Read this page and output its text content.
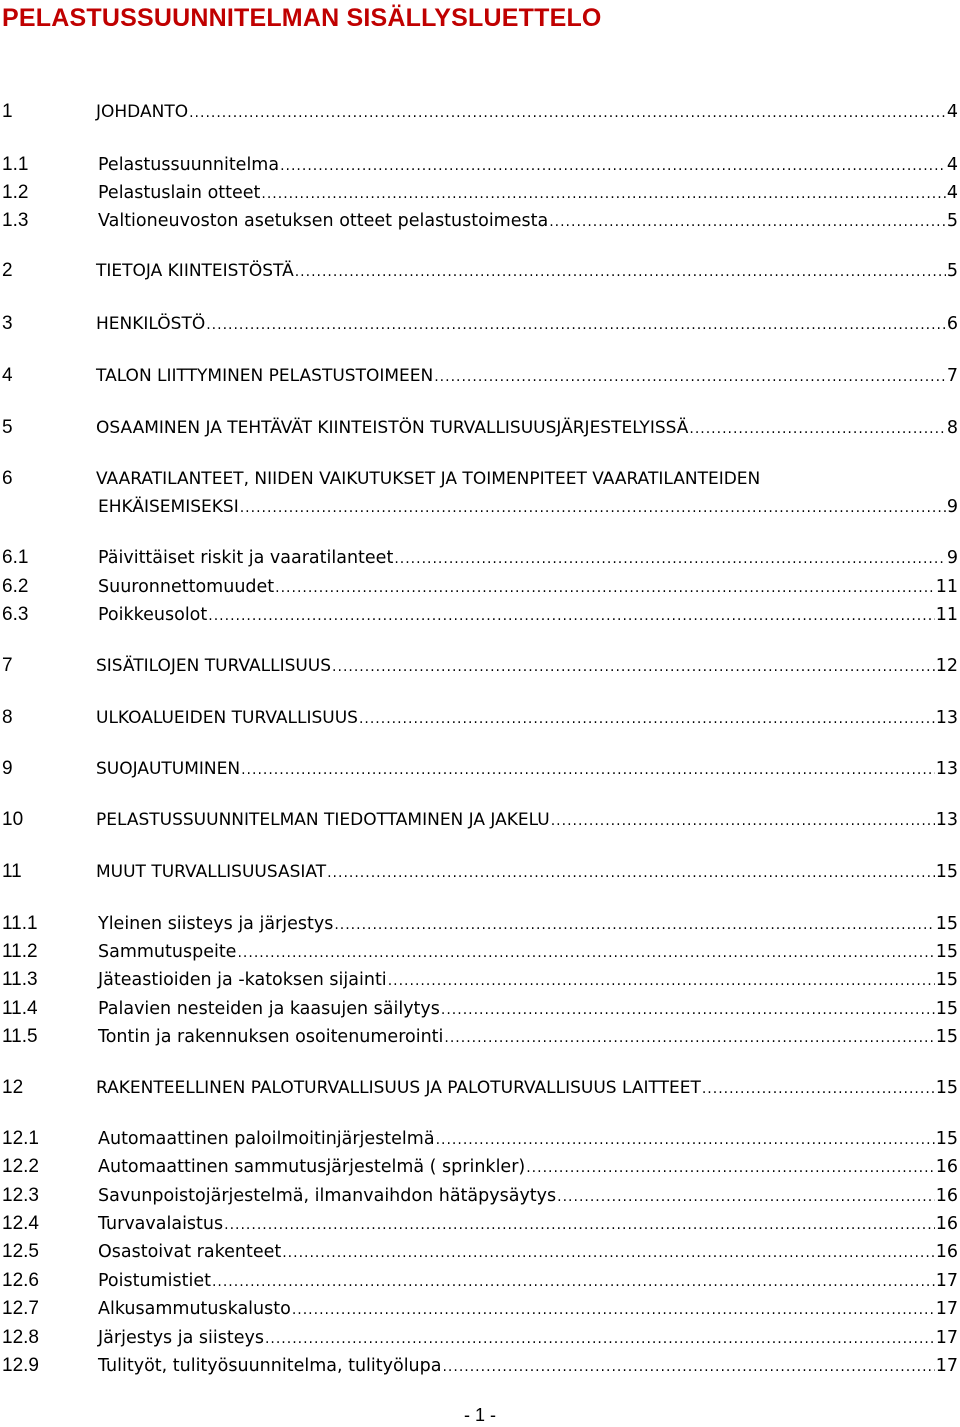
PELASTUSSUUNNITELMAN SISÄLLYSLUETTELO
1	JOHDANTO .....	4
1.1	Pelastussuunnitelma .....	4
1.2	Pelastuslain otteet .....	4
1.3	Valtioneuvoston asetuksen otteet pelastustoimesta .....	5
2	TIETOJA KIINTEISTÖSTÄ .....	5
3	HENKILÖSTÖ .....	6
4	TALON LIITTYMINEN PELASTUSTOIMEEN .....	7
5	OSAAMINEN JA TEHTÄVÄT KIINTEISTÖN TURVALLISUUSJÄRJESTELYISSÄ .....	8
6	VAARATILANTEET, NIIDEN VAIKUTUKSET JA TOIMENPITEET VAARATILANTEIDEN
EHKÄISEMISEKSI .....	9
6.1	Päivittäiset riskit ja vaaratilanteet .....	9
6.2	Suuronnettomuudet .....	11
6.3	Poikkeusolot .....	11
7	SISÄTILOJEN TURVALLISUUS .....	12
8	ULKOALUEIDEN TURVALLISUUS .....	13
9	SUOJAUTUMINEN .....	13
10	PELASTUSSUUNNITELMAN TIEDOTTAMINEN JA JAKELU .....	13
11	MUUT TURVALLISUUSASIAT .....	15
11.1	Yleinen siisteys ja järjestys .....	15
11.2	Sammutuspeite .....	15
11.3	Jäteastioiden ja -katoksen sijainti .....	15
11.4	Palavien nesteiden ja kaasujen säilytys .....	15
11.5	Tontin ja rakennuksen osoitenumerointi .....	15
12	RAKENTEELLINEN PALOTURVALLISUUS JA PALOTURVALLISUUS LAITTEET .....	15
12.1	Automaattinen paloilmoitinjärjestelmä .....	15
12.2	Automaattinen sammutusjärjestelmä ( sprinkler) .....	16
12.3	Savunpoistojärjestelmä, ilmanvaihdon hätäpysäytys .....	16
12.4	Turvavalaistus .....	16
12.5	Osastoivat rakenteet .....	16
12.6	Poistumistiet .....	17
12.7	Alkusammutuskalusto .....	17
12.8	Järjestys ja siisteys .....	17
12.9	Tulityöt, tulityösuunnitelma, tulityölupa .....	17
- 1 -
